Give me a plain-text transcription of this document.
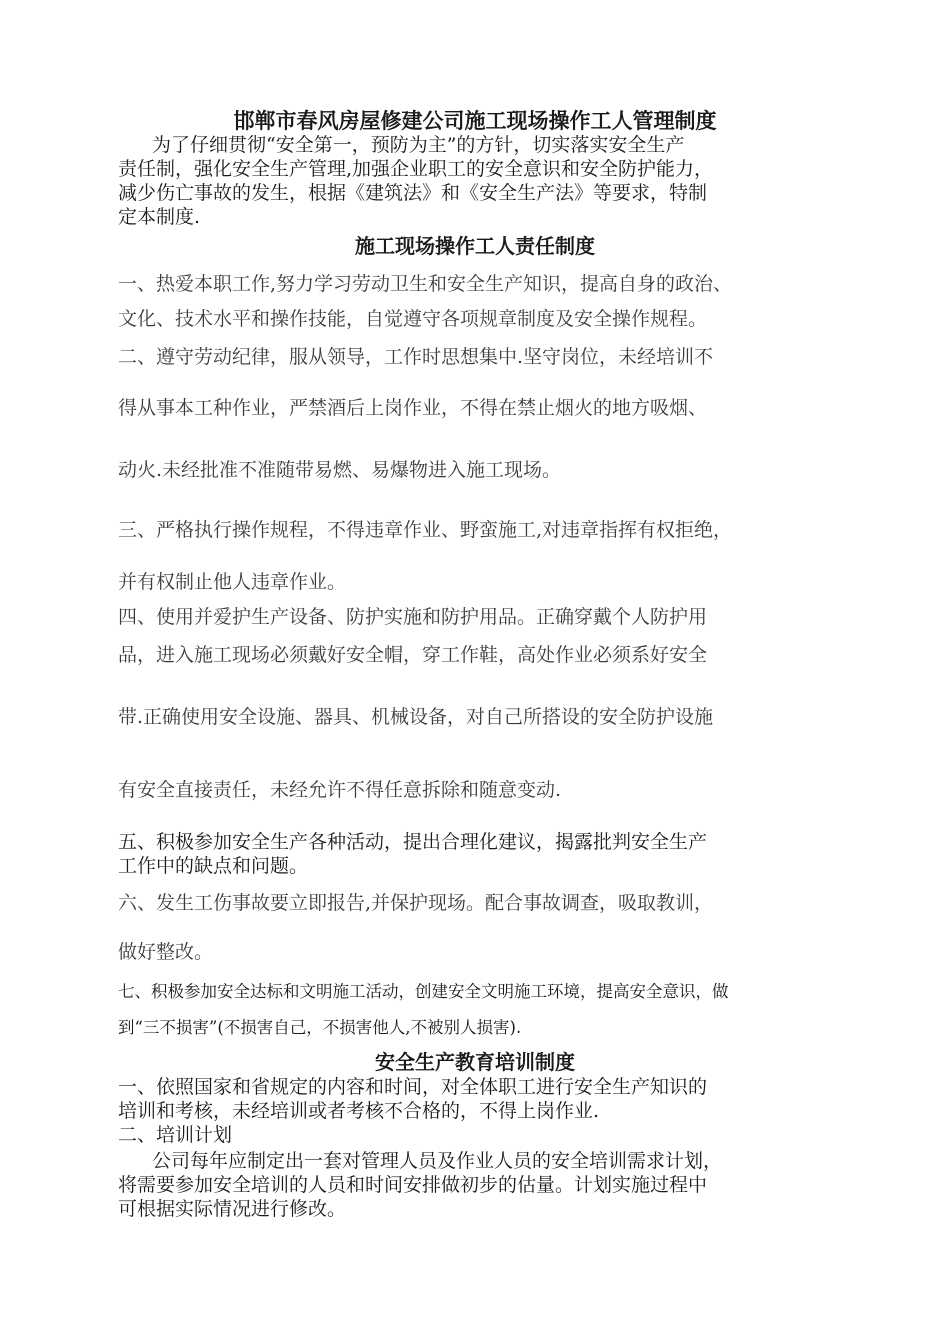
邯郸市春风房屋修建公司施工现场操作工人管理制度
为了仔细贯彻“安全第一，预防为主”的方针，切实落实安全生产
责任制，强化安全生产管理,加强企业职工的安全意识和安全防护能力，
减少伤亡事故的发生，根据《建筑法》和《安全生产法》等要求，特制
定本制度.
施工现场操作工人责任制度
一、热爱本职工作,努力学习劳动卫生和安全生产知识，提高自身的政治、
文化、技术水平和操作技能，自觉遵守各项规章制度及安全操作规程。
二、遵守劳动纪律，服从领导，工作时思想集中.坚守岗位，未经培训不
得从事本工种作业，严禁酒后上岗作业，不得在禁止烟火的地方吸烟、
动火.未经批准不准随带易燃、易爆物进入施工现场。
三、严格执行操作规程，不得违章作业、野蛮施工,对违章指挥有权拒绝，
并有权制止他人违章作业。
四、使用并爱护生产设备、防护实施和防护用品。正确穿戴个人防护用
品，进入施工现场必须戴好安全帽，穿工作鞋，高处作业必须系好安全
带.正确使用安全设施、器具、机械设备，对自己所搭设的安全防护设施
有安全直接责任，未经允许不得任意拆除和随意变动.
五、积极参加安全生产各种活动，提出合理化建议，揭露批判安全生产
工作中的缺点和问题。
六、发生工伤事故要立即报告,并保护现场。配合事故调查，吸取教训，
做好整改。
七、积极参加安全达标和文明施工活动，创建安全文明施工环境，提高安全意识，做
到“三不损害”(不损害自己，不损害他人,不被别人损害).
安全生产教育培训制度
一、依照国家和省规定的内容和时间，对全体职工进行安全生产知识的
培训和考核，未经培训或者考核不合格的，不得上岗作业.
二、培训计划
公司每年应制定出一套对管理人员及作业人员的安全培训需求计划，
将需要参加安全培训的人员和时间安排做初步的估量。计划实施过程中
可根据实际情况进行修改。
